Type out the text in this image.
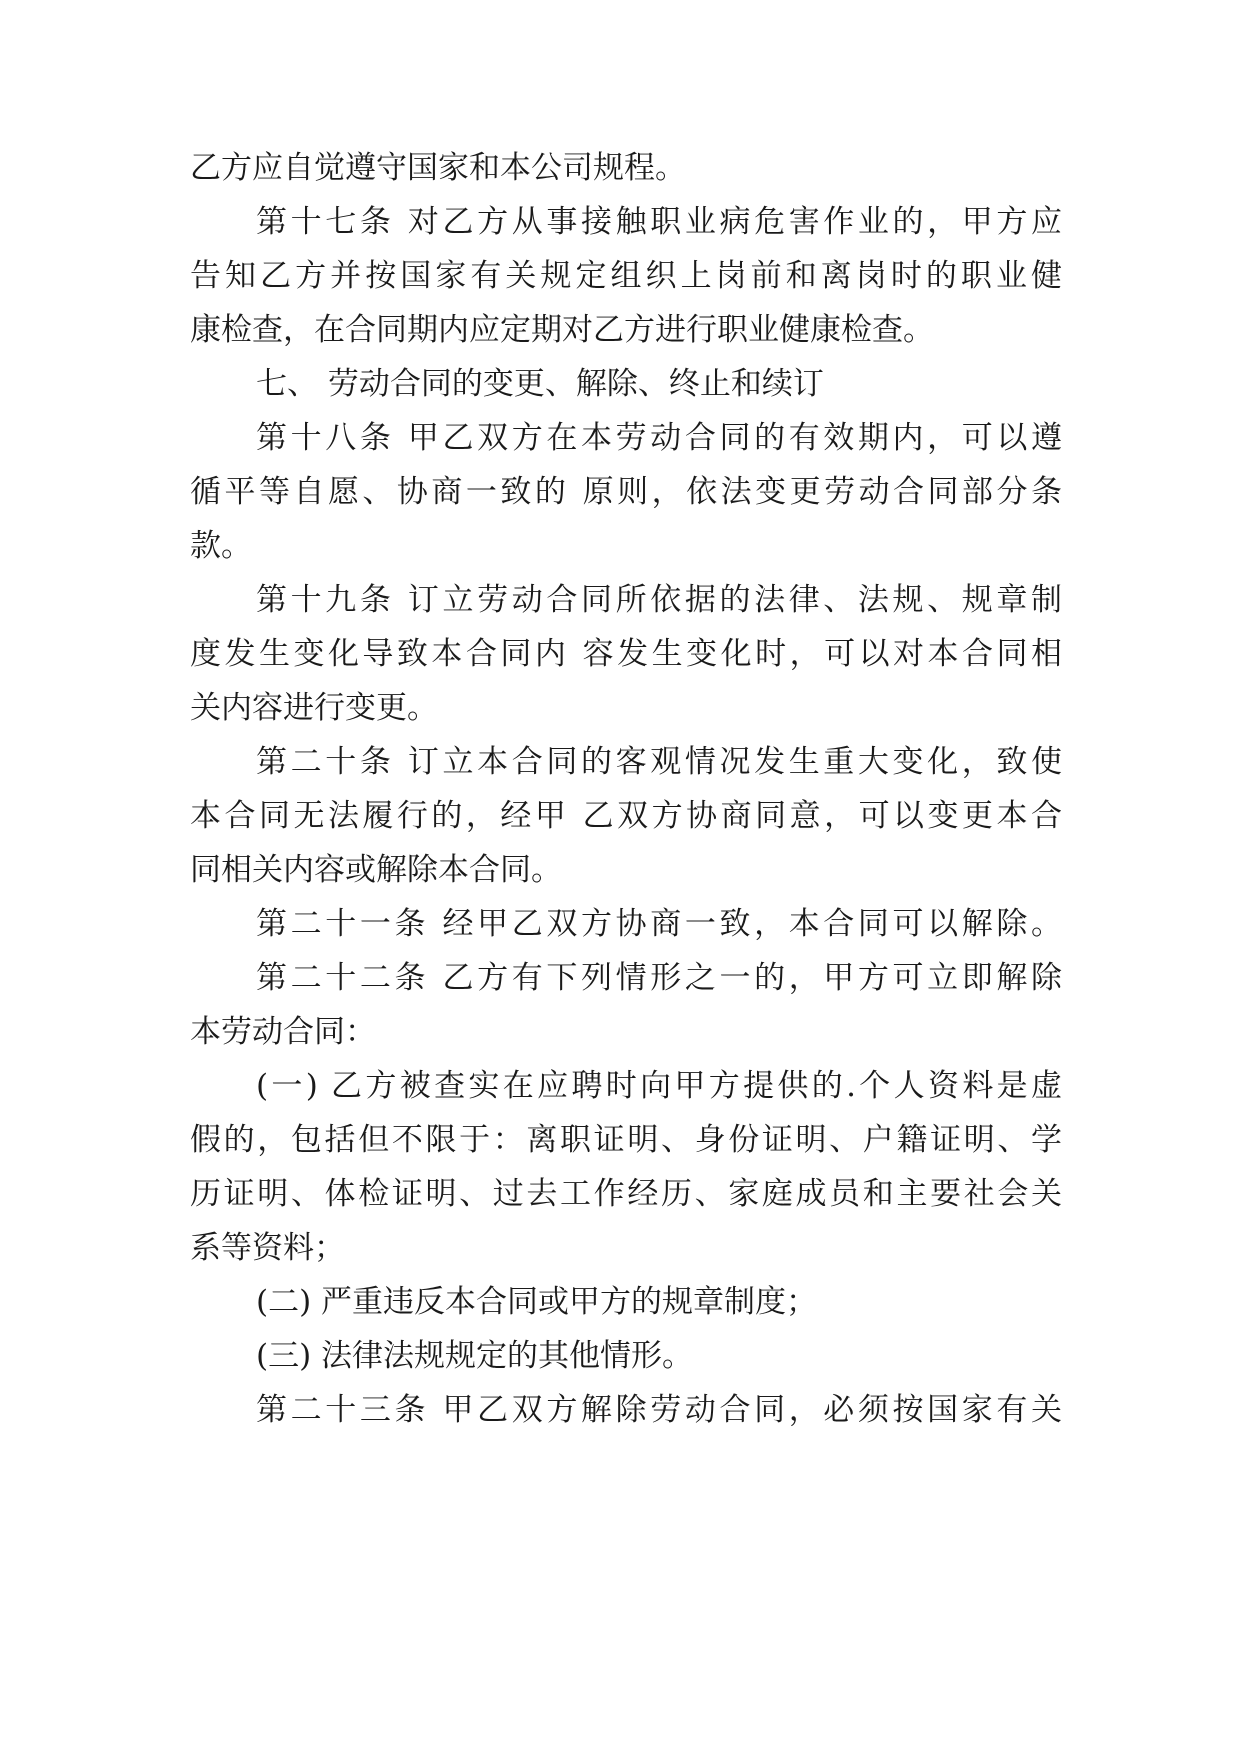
乙方应自觉遵守国家和本公司规程。
第十七条 对乙方从事接触职业病危害作业的，甲方应
告知乙方并按国家有关规定组织上岗前和离岗时的职业健
康检查，在合同期内应定期对乙方进行职业健康检查。
七、 劳动合同的变更、解除、终止和续订
第十八条 甲乙双方在本劳动合同的有效期内，可以遵
循平等自愿、协商一致的 原则，依法变更劳动合同部分条
款。
第十九条 订立劳动合同所依据的法律、法规、规章制
度发生变化导致本合同内 容发生变化时，可以对本合同相
关内容进行变更。
第二十条 订立本合同的客观情况发生重大变化，致使
本合同无法履行的，经甲 乙双方协商同意，可以变更本合
同相关内容或解除本合同。
第二十一条 经甲乙双方协商一致，本合同可以解除。
第二十二条 乙方有下列情形之一的，甲方可立即解除
本劳动合同：
(一) 乙方被查实在应聘时向甲方提供的.个人资料是虚
假的，包括但不限于：离职证明、身份证明、户籍证明、学
历证明、体检证明、过去工作经历、家庭成员和主要社会关
系等资料；
(二) 严重违反本合同或甲方的规章制度；
(三) 法律法规规定的其他情形。
第二十三条 甲乙双方解除劳动合同，必须按国家有关
